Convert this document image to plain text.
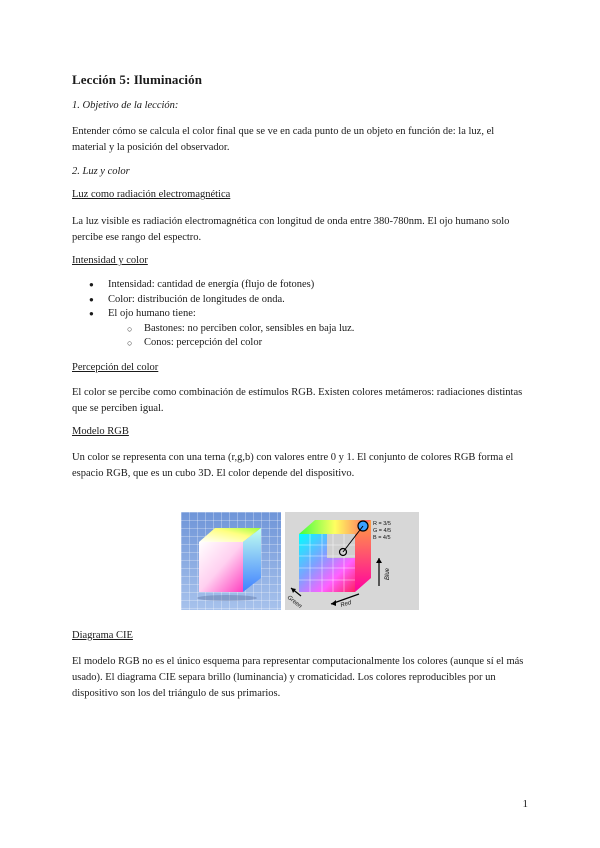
Lección 5: Iluminación

1. Objetivo de la lección:

Entender cómo se calcula el color final que se ve en cada punto de un objeto en función de: la luz, el material y la posición del observador.

2. Luz y color

Luz como radiación electromagnética

La luz visible es radiación electromagnética con longitud de onda entre 380-780nm. El ojo humano solo percibe ese rango del espectro.

Intensidad y color

● Intensidad: cantidad de energía (flujo de fotones)
● Color: distribución de longitudes de onda.
● El ojo humano tiene:
○ Bastones: no perciben color, sensibles en baja luz.
○ Conos: percepción del color

Percepción del color

El color se percibe como combinación de estímulos RGB. Existen colores metámeros: radiaciones distintas que se perciben igual.

Modelo RGB

Un color se representa con una terna (r,g,b) con valores entre 0 y 1. El conjunto de colores RGB forma el espacio RGB, que es un cubo 3D. El color depende del dispositivo.

R = 3/5
G = 4/5
B = 4/5
Red
Green
Blue

Diagrama CIE

El modelo RGB no es el único esquema para representar computacionalmente los colores (aunque sí el más usado). El diagrama CIE separa brillo (luminancia) y cromaticidad. Los colores reproducibles por un dispositivo son los del triángulo de sus primarios.

1
